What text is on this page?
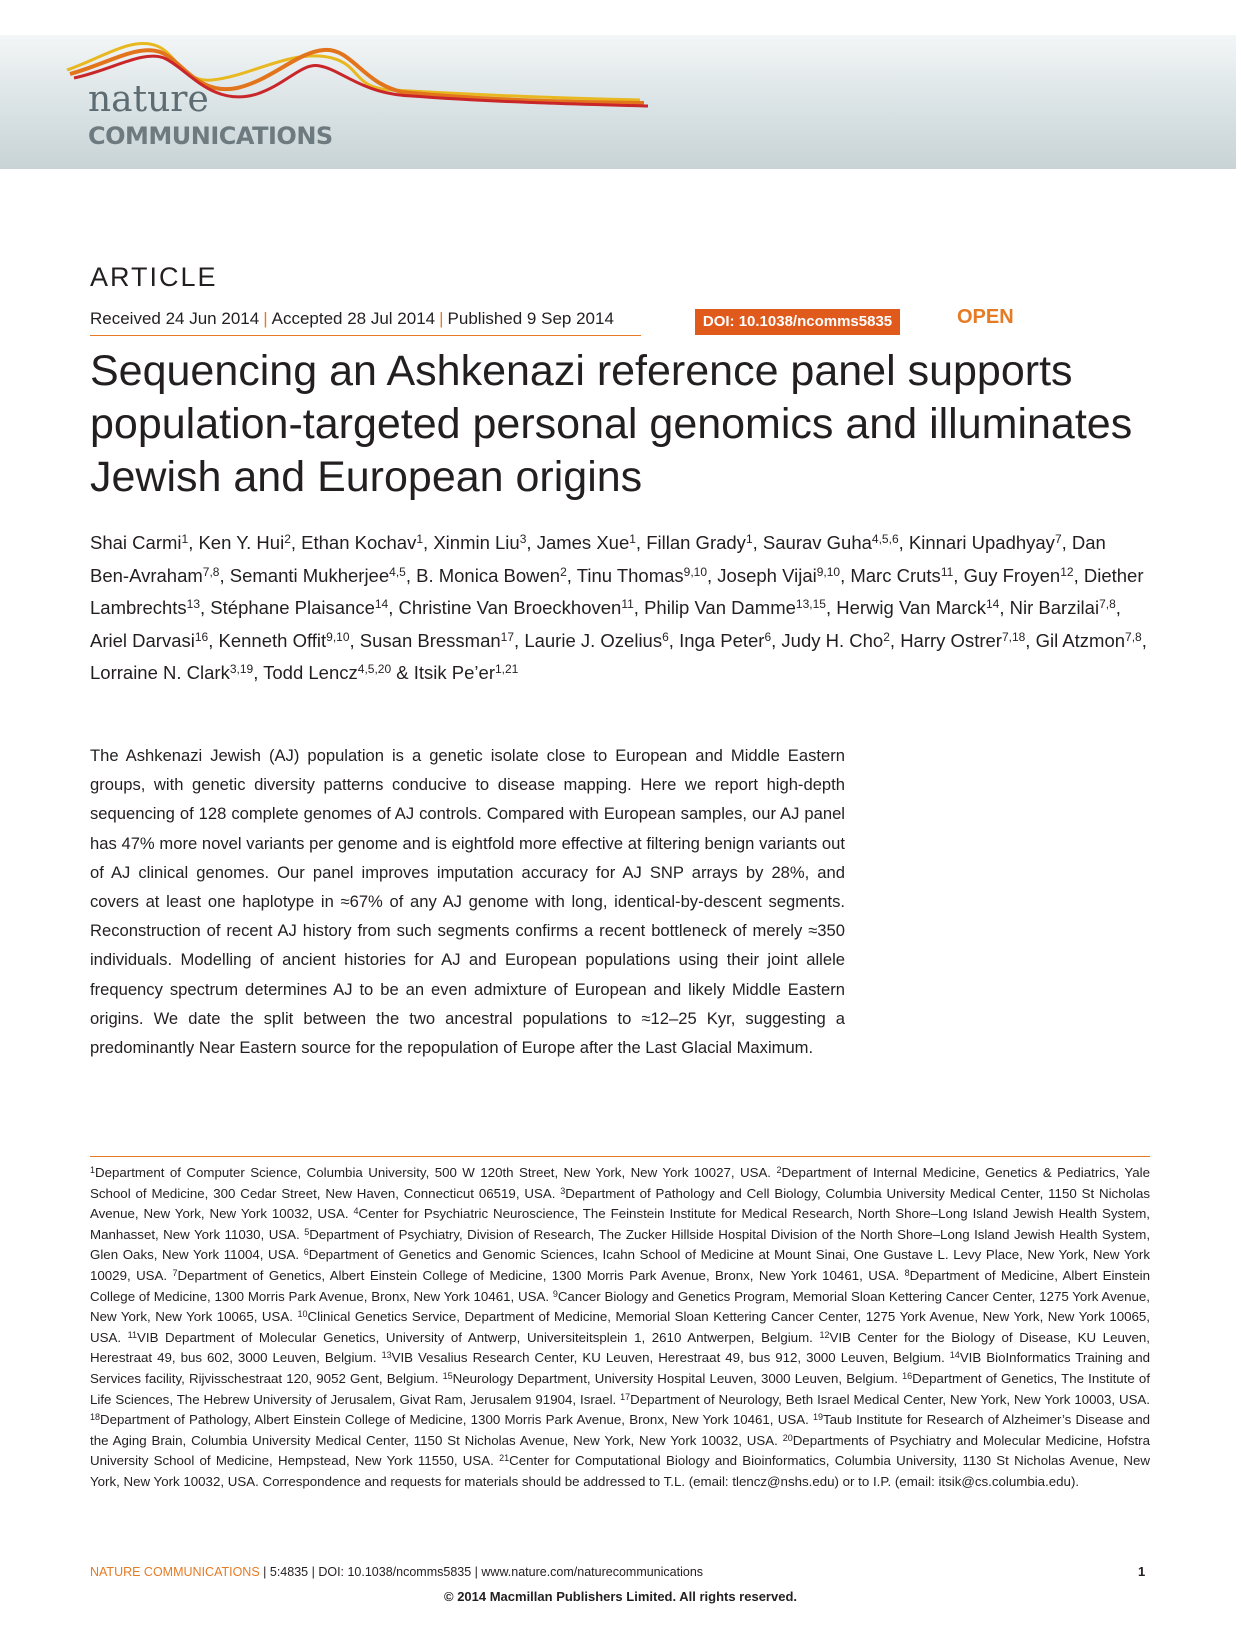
nature
COMMUNICATIONS
ARTICLE
Received 24 Jun 2014 | Accepted 28 Jul 2014 | Published 9 Sep 2014	DOI: 10.1038/ncomms5835	OPEN
Sequencing an Ashkenazi reference panel supports population-targeted personal genomics and illuminates Jewish and European origins
Shai Carmi$^1$, Ken Y. Hui$^2$, Ethan Kochav$^1$, Xinmin Liu$^3$, James Xue$^1$, Fillan Grady$^1$, Saurav Guha$^{4,5,6}$, Kinnari Upadhyay$^7$, Dan Ben-Avraham$^{7,8}$, Semanti Mukherjee$^{4,5}$, B. Monica Bowen$^2$, Tinu Thomas$^{9,10}$, Joseph Vijai$^{9,10}$, Marc Cruts$^{11}$, Guy Froyen$^{12}$, Diether Lambrechts$^{13}$, Stéphane Plaisance$^{14}$, Christine Van Broeckhoven$^{11}$, Philip Van Damme$^{13,15}$, Herwig Van Marck$^{14}$, Nir Barzilai$^{7,8}$, Ariel Darvasi$^{16}$, Kenneth Offit$^{9,10}$, Susan Bressman$^{17}$, Laurie J. Ozelius$^6$, Inga Peter$^6$, Judy H. Cho$^2$, Harry Ostrer$^{7,18}$, Gil Atzmon$^{7,8}$, Lorraine N. Clark$^{3,19}$, Todd Lencz$^{4,5,20}$ & Itsik Pe’er$^{1,21}$

The Ashkenazi Jewish (AJ) population is a genetic isolate close to European and Middle Eastern groups, with genetic diversity patterns conducive to disease mapping. Here we report high-depth sequencing of 128 complete genomes of AJ controls. Compared with European samples, our AJ panel has 47% more novel variants per genome and is eightfold more effective at filtering benign variants out of AJ clinical genomes. Our panel improves imputation accuracy for AJ SNP arrays by 28%, and covers at least one haplotype in ≈67% of any AJ genome with long, identical-by-descent segments. Reconstruction of recent AJ history from such segments confirms a recent bottleneck of merely ≈350 individuals. Modelling of ancient histories for AJ and European populations using their joint allele frequency spectrum determines AJ to be an even admixture of European and likely Middle Eastern origins. We date the split between the two ancestral populations to ≈12–25 Kyr, suggesting a predominantly Near Eastern source for the repopulation of Europe after the Last Glacial Maximum.

$^1$Department of Computer Science, Columbia University, 500 W 120th Street, New York, New York 10027, USA. $^2$Department of Internal Medicine, Genetics & Pediatrics, Yale School of Medicine, 300 Cedar Street, New Haven, Connecticut 06519, USA. $^3$Department of Pathology and Cell Biology, Columbia University Medical Center, 1150 St Nicholas Avenue, New York, New York 10032, USA. $^4$Center for Psychiatric Neuroscience, The Feinstein Institute for Medical Research, North Shore–Long Island Jewish Health System, Manhasset, New York 11030, USA. $^5$Department of Psychiatry, Division of Research, The Zucker Hillside Hospital Division of the North Shore–Long Island Jewish Health System, Glen Oaks, New York 11004, USA. $^6$Department of Genetics and Genomic Sciences, Icahn School of Medicine at Mount Sinai, One Gustave L. Levy Place, New York, New York 10029, USA. $^7$Department of Genetics, Albert Einstein College of Medicine, 1300 Morris Park Avenue, Bronx, New York 10461, USA. $^8$Department of Medicine, Albert Einstein College of Medicine, 1300 Morris Park Avenue, Bronx, New York 10461, USA. $^9$Cancer Biology and Genetics Program, Memorial Sloan Kettering Cancer Center, 1275 York Avenue, New York, New York 10065, USA. $^{10}$Clinical Genetics Service, Department of Medicine, Memorial Sloan Kettering Cancer Center, 1275 York Avenue, New York, New York 10065, USA. $^{11}$VIB Department of Molecular Genetics, University of Antwerp, Universiteitsplein 1, 2610 Antwerpen, Belgium. $^{12}$VIB Center for the Biology of Disease, KU Leuven, Herestraat 49, bus 602, 3000 Leuven, Belgium. $^{13}$VIB Vesalius Research Center, KU Leuven, Herestraat 49, bus 912, 3000 Leuven, Belgium. $^{14}$VIB BioInformatics Training and Services facility, Rijvisschestraat 120, 9052 Gent, Belgium. $^{15}$Neurology Department, University Hospital Leuven, 3000 Leuven, Belgium. $^{16}$Department of Genetics, The Institute of Life Sciences, The Hebrew University of Jerusalem, Givat Ram, Jerusalem 91904, Israel. $^{17}$Department of Neurology, Beth Israel Medical Center, New York, New York 10003, USA. $^{18}$Department of Pathology, Albert Einstein College of Medicine, 1300 Morris Park Avenue, Bronx, New York 10461, USA. $^{19}$Taub Institute for Research of Alzheimer’s Disease and the Aging Brain, Columbia University Medical Center, 1150 St Nicholas Avenue, New York, New York 10032, USA. $^{20}$Departments of Psychiatry and Molecular Medicine, Hofstra University School of Medicine, Hempstead, New York 11550, USA. $^{21}$Center for Computational Biology and Bioinformatics, Columbia University, 1130 St Nicholas Avenue, New York, New York 10032, USA. Correspondence and requests for materials should be addressed to T.L. (email: tlencz@nshs.edu) or to I.P. (email: itsik@cs.columbia.edu).

NATURE COMMUNICATIONS | 5:4835 | DOI: 10.1038/ncomms5835 | www.nature.com/naturecommunications	1
© 2014 Macmillan Publishers Limited. All rights reserved.
